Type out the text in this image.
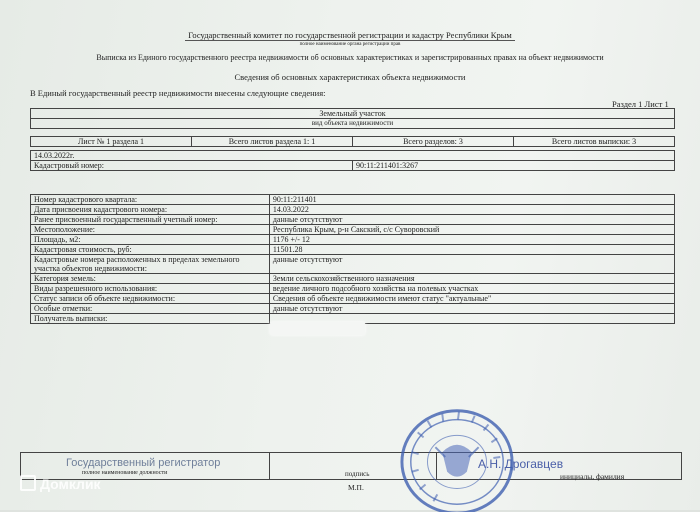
Государственный комитет по государственной регистрации и кадастру Республики Крым
полное наименование органа регистрации прав
Выписка из Единого государственного реестра недвижимости об основных характеристиках и зарегистрированных правах на объект недвижимости
Сведения об основных характеристиках объекта недвижимости
В Единый государственный реестр недвижимости внесены следующие сведения:
Раздел 1 Лист 1
Земельный участок
вид объекта недвижимости
Лист № 1 раздела 1	Всего листов раздела 1: 1	Всего разделов: 3	Всего листов выписки: 3
14.03.2022г.
Кадастровый номер:	90:11:211401:3267
Номер кадастрового квартала:	90:11:211401
Дата присвоения кадастрового номера:	14.03.2022
Ранее присвоенный государственный учетный номер:	данные отсутствуют
Местоположение:	Республика Крым, р-н Сакский, с/с Суворовский
Площадь, м2:	1176 +/- 12
Кадастровая стоимость, руб:	11501.28

Кадастровые номера расположенных в пределах земельного
участка объектов недвижимости:	данные отсутствуют
Категория земель:	Земли сельскохозяйственного назначения
Виды разрешенного использования:	ведение личного подсобного хозяйства на полевых участках
Статус записи об объекте недвижимости:	Сведения об объекте недвижимости имеют статус "актуальные"
Особые отметки:	данные отсутствуют
Получатель выписки:	
Государственный регистратор
полное наименование должности	подпись
М.П.
А.Н. Дрогавцев
инициалы, фамилия
Домклик
